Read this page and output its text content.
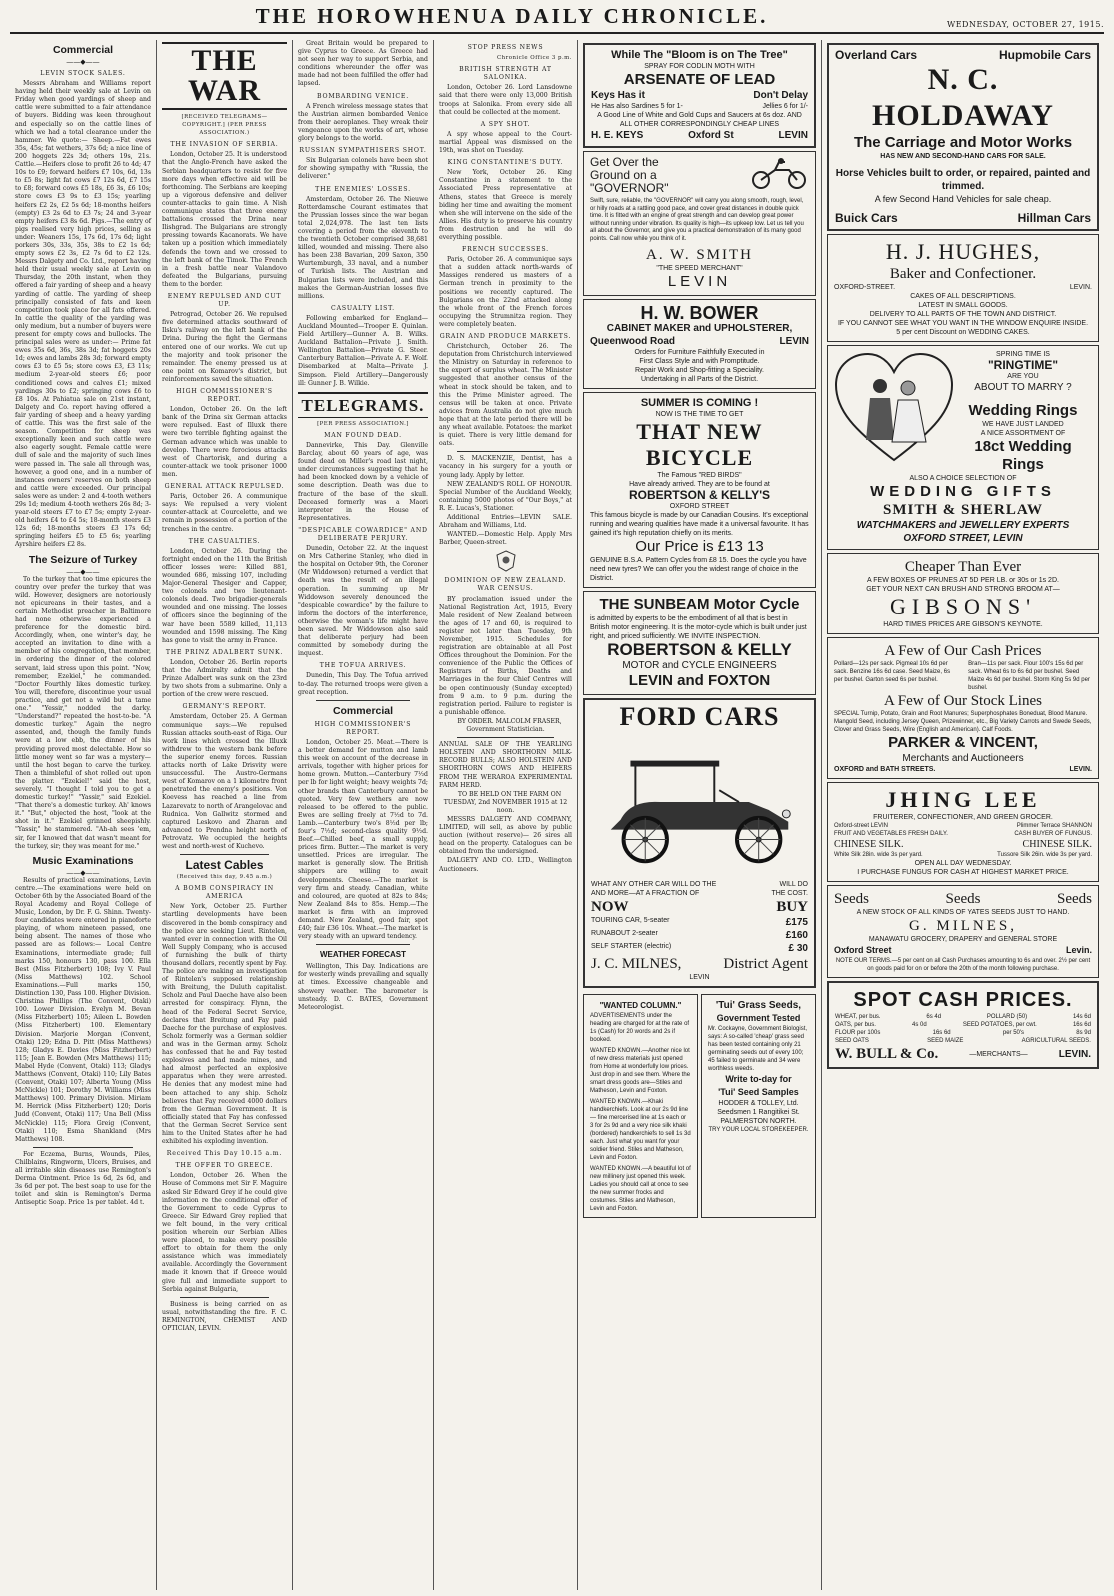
THE HOROWHENUA DAILY CHRONICLE.	WEDNESDAY, OCTOBER 27, 1915.
Commercial
——◆——
LEVIN STOCK SALES.

Messrs Abraham and Williams report having held their weekly sale at Levin on Friday when good yardings of sheep and cattle were submitted to a fair attendance of buyers. Bidding was keen throughout and especially so on the cattle lines of which we had a total clearance under the hammer. We quote:— Sheep.—Fat ewes 35s, 45s; fat wethers, 37s 6d; a nice line of 200 hoggets 22s 3d; others 19s, 21s. Cattle.—Heifers close to profit 26 to 4d; 47 10s to £9; forward heifers £7 10s, 6d, 13s to £5 8s; light fat cows £7 12s 6d, £7 15s to £8; forward cows £5 18s, £6 3s, £6 10s; store cows £3 9s to £3 15s; yearling heifers £2 2s, £2 5s 6d; 18-months heifers (empty) £3 2s 6d to £3 7s; 24 and 3-year empty heifers £3 8s 6d. Pigs.—The entry of pigs realised very high prices, selling as under: Weaners 15s, 17s 6d, 17s 6d; light porkers 30s, 33s, 35s, 38s to £2 1s 6d; empty sows £2 3s, £2 7s 6d to £2 12s. Messrs Dalgety and Co. Ltd., report having held their usual weekly sale at Levin on Thursday, the 20th instant, when they offered a fair yarding of sheep and a heavy yarding of cattle. The yarding of sheep principally consisted of fats and keen competition took place for all fats offered. In cattle the quality of the yarding was only medium, but a number of buyers were present for empty cows and bullocks. The principal sales were as under:— Prime fat ewes 35s 6d, 36s, 38s 3d; fat hoggets 20s 1d; ewes and lambs 28s 3d; forward empty cows £3 to £5 5s; store cows £3, £3 11s; medium 2-year-old steers £6; poor conditioned cows and calves £1; mixed yardings 30s to £2; springing cows £6 to £8 10s. At Pahiatua sale on 21st instant, Dalgety and Co. report having offered a fair yarding of sheep and a heavy yarding of cattle. This was the first sale of the season. Competition for sheep was exceptionally keen and such cattle were also eagerly sought. Female cattle were dull of sale and the majority of such lines were passed in. The sale all through was, however, a good one, and in a number of instances owners' reserves on both sheep and cattle were exceeded. Our principal sales were as under: 2 and 4-tooth wethers 29s 1d; medium 4-tooth wethers 26s 8d; 3-year-old steers £7 to £7 5s; empty 2-year-old heifers £4 to £4 5s; 18-month steers £3 12s 6d; 18-months steers £3 17s 6d; springing heifers £5 to £5 6s; yearling Ayrshire heifers £2 8s.

The Seizure of Turkey
——◆——

To the turkey that too time epicures the country over prefer the turkey that was wild. However, designers are notoriously not epicureans in their tastes, and a certain Methodist preacher in Baltimore had none otherwise experienced a preference for the domestic bird. Accordingly, when, one winter's day, he accepted an invitation to dine with a member of his congregation, that member, in ordering the dinner of the colored servant, laid stress upon this point. "Now, remember, Ezekiel," he commanded. "Doctor Fourthly likes domestic turkey. You will, therefore, discontinue your usual practice, and get not a wild but a tame one." "Yessir," nodded the darky. "Understand?" repeated the host-to-be. "A domestic turkey." Again the negro assented, and, though the family funds were at a low ebb, the dinner of his providing proved most delectable. How so little money went so far was a mystery—until the host began to carve the turkey. Then a thimbleful of shot rolled out upon the platter. "Ezekiel!" said the host, severely. "I thought I told you to get a domestic turkey!" "Yassir," said Ezekiel. "That there's a domestic turkey. Ah' knows it." "But," objected the host, "look at the shot in it." Ezekiel grinned sheepishly. "Yassir," he stammered. "Ah-ah sees 'em, sir, fer I knowed that dat wasn't meant for the turkey, sir; they was meant for me."

Music Examinations
——◆——

Results of practical examinations, Levin centre.—The examinations were held on October 6th by the Associated Board of the Royal Academy and Royal College of Music, London, by Dr. F. G. Shinn. Twenty-four candidates were entered in pianoforte playing, of whom nineteen passed, one being absent. The names of those who passed are as follows:— Local Centre Examinations, intermediate grade; full marks 150, honours 130, pass 100. Ella Best (Miss Fitzherbert) 108; Ivy V. Paul (Miss Matthews) 102. School Examinations.—Full marks 150, Distinction 130, Pass 100. Higher Division. Christina Phillips (The Convent, Otaki) 100. Lower Division. Evelyn M. Bevan (Miss Fitzherbert) 105; Aileen L. Bowden (Miss Fitzherbert) 100. Elementary Division. Marjorie Morgan (Convent, Otaki) 129; Edna D. Pitt (Miss Matthews) 128; Gladys E. Davies (Miss Fitzherbert) 115; Jean E. Bowden (Mrs Matthews) 115; Mabel Hyde (Convent, Otaki) 113; Gladys Matthews (Convent, Otaki) 110; Lily Bates (Convent, Otaki) 107; Alberta Young (Miss McNickle) 101; Dorothy M. Williams (Miss Matthews) 100. Primary Division. Miriam M. Herrick (Miss Fitzherbert) 120; Doris Judd (Convent, Otaki) 117; Una Bell (Miss McNickle) 115; Flora Greig (Convent, Otaki) 110; Esma Shankland (Mrs Matthews) 108.

For Eczema, Burns, Wounds, Piles, Chilblains, Ringworm, Ulcers, Bruises, and all irritable skin diseases use Remington's Derma Ointment. Price 1s 6d, 2s 6d, and 3s 6d per pot. The best soap to use for the toilet and skin is Remington's Derma Antiseptic Soap. Price 1s per tablet. 4d t.

THE WAR
[RECEIVED TELEGRAMS—COPYRIGHT.] (PER PRESS ASSOCIATION.)
THE INVASION OF SERBIA.

London, October 25. It is understood that the Anglo-French have asked the Serbian headquarters to resist for five more days when effective aid will be forthcoming. The Serbians are keeping up a vigorous defensive and deliver counter-attacks to gain time. A Nish communique states that three enemy battalions crossed the Drina near Ilishgrad. The Bulgarians are strongly pressing towards Kacanorats. We have taken up a position which immediately defends the town and we crossed to the left bank of the Timok. The French in a fresh battle near Valandovo defeated the Bulgarians, pursuing them to the border.

ENEMY REPULSED AND CUT UP.

Petrograd, October 26. We repulsed five determined attacks southward of Ilsku's railway on the left bank of the Drina. During the fight the Germans entered one of our works. We cut up the majority and took prisoner the remainder. The enemy pressed us at one point on Komarov's district, but reinforcements saved the situation.

HIGH COMMISSIONER'S REPORT.

London, October 26. On the left bank of the Drina six German attacks were repulsed. East of Illuxk there were two terrible fighting against the German advance which was unable to develop. There were ferocious attacks west of Chartorisk, and during a counter-attack we took prisoner 1000 men.

GENERAL ATTACK REPULSED.

Paris, October 26. A communique says: We repulsed a very violent counter-attack at Courcelette, and we remain in possession of a portion of the trenches in the centre.

THE CASUALTIES.

London, October 26. During the fortnight ended on the 11th the British officer losses were: Killed 881, wounded 686, missing 107, including Major-General Thesiger and Capper, two colonels and two lieutenant-colonels dead. Two brigadier-generals wounded and one missing. The losses of officers since the beginning of the war have been 5589 killed, 11,113 wounded and 1598 missing. The King has gone to visit the army in France.

THE PRINZ ADALBERT SUNK.

London, October 26. Berlin reports that the Admiralty admit that the Prinze Adalbert was sunk on the 23rd by two shots from a submarine. Only a portion of the crew were rescued.

GERMANY'S REPORT.

Amsterdam, October 25. A German communique says:—We repulsed Russian attacks south-east of Riga. Our work lines which crossed the Illuxk withdrew to the western bank before the superior enemy forces. Russian attacks north of Lake Drisvity were unsuccessful. The Austro-Germans west of Komarov on a 1 kilometre front penetrated the enemy's positions. Von Koevess has reached a line from Lazarevatz to north of Arangelovac and Rudnica. Von Gallwitz stormed and captured Leskovo and Zharan and advanced to Prendna height north of Petrovatz. We occupied the heights west and north-west of Kuchevo.

Latest Cables
(Received this day, 9.45 a.m.)
A BOMB CONSPIRACY IN AMERICA

New York, October 25. Further startling developments have been discovered in the bomb conspiracy and the police are seeking Lieut. Rintelen, wanted ever in connection with the Oil Well Supply Company, who is accused of furnishing the bulk of thirty thousand dollars, recently spent by Fay. The police are making an investigation of Rintelen's supposed relationship with Breitung, the Duluth capitalist. Scholz and Paul Daeche have also been arrested for conspiracy. Flynn, the head of the Federal Secret Service, declares that Breitung and Fay paid Daeche for the purchase of explosives. Scholz formerly was a German soldier and was in the German army. Scholz has confessed that he and Fay tested explosives and had made mines, and had almost perfected an explosive apparatus when they were arrested. He denies that any modest mine had been attached to any ship. Scholz believes that Fay received 4000 dollars from the German Government. It is officially stated that Fay has confessed that the German Secret Service sent him to the United States after he had exhibited his exploding invention.

Received This Day 10.15 a.m.
THE OFFER TO GREECE.

London, October 26. When the House of Commons met Sir F. Maguire asked Sir Edward Grey if he could give information re the conditional offer of the Government to cede Cyprus to Greece. Sir Edward Grey replied that we felt bound, in the very critical position wherein our Serbian Allies were placed, to make every possible effort to obtain for them the only assistance which was immediately available. Accordingly the Government made it known that if Greece would give full and immediate support to Serbia against Bulgaria,

Business is being carried on as usual, notwithstanding the fire. F. C. REMINGTON, CHEMIST AND OPTICIAN, LEVIN.

Great Britain would be prepared to give Cyprus to Greece. As Greece had not seen her way to support Serbia, and conditions whereunder the offer was made had not been fulfilled the offer had lapsed.

BOMBARDING VENICE.

A French wireless message states that the Austrian airmen bombarded Venice from their aeroplanes. They wreak their vengeance upon the works of art, whose glory belongs to the world.

RUSSIAN SYMPATHISERS SHOT.

Six Bulgarian colonels have been shot for showing sympathy with "Russia, the deliverer."

THE ENEMIES' LOSSES.

Amsterdam, October 26. The Nieuwe Rotterdamsche Courant estimates that the Prussian losses since the war began total 2,024,978. The last ten lists covering a period from the eleventh to the twentieth October comprised 38,681 killed, wounded and missing. There also has been 238 Bavarian, 209 Saxon, 350 Wurtemburgh, 33 naval, and a number of Turkish lists. The Austrian and Bulgarian lists were included, and this makes the German-Austrian losses five millions.

CASUALTY LIST.

Following embarked for England— Auckland Mounted—Trooper E. Quinlan. Field Artillery—Gunner A. B. Wilks. Auckland Battalion—Private J. Smith. Wellington Battalion—Private G. Steer. Canterbury Battalion—Private A. F. Wolf. Disembarked at Malta—Private J. Simpson. Field Artillery—Dangerously ill: Gunner J. B. Wilkie.

TELEGRAMS.
[PER PRESS ASSOCIATION.]
MAN FOUND DEAD.

Dannevirke, This Day. Glenville Barclay, about 60 years of age, was found dead on Miller's road last night, under circumstances suggesting that he had been knocked down by a vehicle of some description. Death was due to fracture of the base of the skull. Deceased formerly was a Maori interpreter in the House of Representatives.

"DESPICABLE COWARDICE" AND DELIBERATE PERJURY.

Dunedin, October 22. At the inquest on Mrs Catherine Stanley, who died in the hospital on October 9th, the Coroner (Mr Widdowson) returned a verdict that death was the result of an illegal operation. In summing up Mr Widdowson severely denounced the "despicable cowardice" by the failure to inform the doctors of the interference, otherwise the woman's life might have been saved. Mr Widdowson also said that deliberate perjury had been committed by somebody during the inquest.

THE TOFUA ARRIVES.

Dunedin, This Day. The Tofua arrived to-day. The returned troops were given a great reception.

Commercial
HIGH COMMISSIONER'S REPORT.

London, October 25. Meat.—There is a better demand for mutton and lamb this week on account of the decrease in arrivals, together with higher prices for home grown. Mutton.—Canterbury 7½d per lb for light weight; heavy weights 7d; other brands than Canterbury cannot be quoted. Very few wethers are now released to be offered to the public. Ewes are selling freely at 7½d to 7d. Lamb.—Canterbury two's 8½d per lb; four's 7½d; second-class quality 9½d. Beef.—Chilled beef, a small supply, prices firm. Butter.—The market is very unsettled. Prices are irregular. The market is generally slow. The British shippers are willing to await developments. Cheese.—The market is very firm and steady. Canadian, white and coloured, are quoted at 82s to 84s; New Zealand 84s to 85s. Hemp.—The market is firm with an improved demand. New Zealand, good fair, spot £40; fair £36 10s. Wheat.—The market is very steady with an upward tendency.

WEATHER FORECAST

Wellington, This Day. Indications are for westerly winds prevailing and squally at times. Excessive changeable and showery weather. The barometer is unsteady. D. C. BATES, Government Meteorologist.

STOP PRESS NEWS
Chronicle Office 3 p.m.
BRITISH STRENGTH AT SALONIKA.

London, October 26. Lord Lansdowne said that there were only 13,000 British troops at Salonika. From every side all that could be collected at the moment.

A SPY SHOT.

A spy whose appeal to the Court-martial Appeal was dismissed on the 19th, was shot on Tuesday.

KING CONSTANTINE'S DUTY.

New York, October 26. King Constantine in a statement to the Associated Press representative at Athens, states that Greece is merely biding her time and awaiting the moment when she will intervene on the side of the Allies. His duty is to preserve his country from destruction and he will do everything possible.

FRENCH SUCCESSES.

Paris, October 26. A communique says that a sudden attack north-wards of Massiges rendered us masters of a German trench in proximity to the positions we recently captured. The Bulgarians on the 22nd attacked along the whole front of the French forces occupying the Strumnitza region. They were completely beaten.

GRAIN AND PRODUCE MARKETS.

Christchurch, October 26. The deputation from Christchurch interviewed the Ministry on Saturday in reference to the export of surplus wheat. The Minister suggested that another census of the wheat in stock should be taken, and to this the Prime Minister agreed. The census will be taken at once. Private advices from Australia do not give much hope that at the late period there will be any wheat available. Potatoes: the market is quiet. There is very little demand for oats.

D. S. MACKENZIE, Dentist, has a vacancy in his surgery for a youth or young lady. Apply by letter.

NEW ZEALAND'S ROLL OF HONOUR. Special Number of the Auckland Weekly, containing 5000 photos of "Our Boys," at R. E. Lucas's, Stationer.

Additional Entries—LEVIN SALE. Abraham and Williams, Ltd.

WANTED.—Domestic Help. Apply Mrs Barber, Queen-street.

DOMINION OF NEW ZEALAND. WAR CENSUS.

BY proclamation issued under the National Registration Act, 1915, Every Male resident of New Zealand between the ages of 17 and 60, is required to register not later than Tuesday, 9th November, 1915. Schedules for registration are obtainable at all Post Offices throughout the Dominion. For the convenience of the Public the Offices of Registrars of Births, Deaths and Marriages in the four Chief Centres will be open continuously (Sunday excepted) from 9 a.m. to 9 p.m. during the registration period. Failure to register is a punishable offence.

BY ORDER. MALCOLM FRASER, Government Statistician.

ANNUAL SALE OF THE YEARLING HOLSTEIN AND SHORTHORN MILK-RECORD BULLS; ALSO HOLSTEIN AND SHORTHORN COWS AND HEIFERS FROM THE WERAROA EXPERIMENTAL FARM HERD.

TO BE HELD ON THE FARM ON TUESDAY, 2nd NOVEMBER 1915 at 12 noon.

MESSRS DALGETY AND COMPANY, LIMITED, will sell, as above by public auction (without reserve)— 26 sires all head on the property. Catalogues can be obtained from the undersigned.

DALGETY AND CO. LTD., Wellington Auctioneers.

While The "Bloom is on The Tree"
SPRAY FOR CODLIN MOTH WITH
ARSENATE OF LEAD
Keys Has it	Don't Delay
He Has also Sardines 5 for 1-	Jellies 6 for 1/-
A Good Line of White and Gold Cups and Saucers at 6s doz. AND ALL OTHER CORRESPONDINGLY CHEAP LINES
H. E. KEYS	Oxford St	LEVIN
Get Over the
Ground on a
"GOVERNOR"
Swift, sure, reliable, the "GOVERNOR" will carry you along smooth, rough, level, or hilly roads at a rattling good pace, and cover great distances in double quick time. It is fitted with an engine of great strength and can develop great power without running under vibration. Its quality is high—its upkeep low. Let us tell you all about the Governor, and give you a practical demonstration of its many good points. Call now while you think of it.
A. W. SMITH
"THE SPEED MERCHANT"
LEVIN
H. W. BOWER
CABINET MAKER and UPHOLSTERER,
Queenwood Road	LEVIN
Orders for Furniture Faithfully Executed in
First Class Style and with Promptitude.
Repair Work and Shop-fitting a Speciality.
Undertaking in all Parts of the District.
SUMMER IS COMING !
NOW IS THE TIME TO GET
THAT NEW BICYCLE
The Famous "RED BIRDS"
Have already arrived. They are to be found at
ROBERTSON & KELLY'S
OXFORD STREET
This famous bicycle is made by our Canadian Cousins. It's exceptional running and wearing qualities have made it a universal favourite. It has gained it's high reputation chiefly on its merits.
Our Price is £13 13
GENUINE B.S.A. Pattern Cycles from £8 15. Does the cycle you have need new tyres? We can offer you the widest range of choice in the District.
THE SUNBEAM Motor Cycle
is admitted by experts to be the embodiment of all that is best in British motor engineering. It is the motor-cycle which is built under just right, and priced sufficiently. WE INVITE INSPECTION.
ROBERTSON & KELLY
MOTOR and CYCLE ENGINEERS
LEVIN and FOXTON
FORD CARS
WHAT ANY OTHER CAR WILL DO THE	WILL DO
AND MORE—AT A FRACTION OF	THE COST.
NOW	BUY
TOURING CAR, 5-seater	£175
RUNABOUT 2-seater	£160
SELF STARTER (electric)	£ 30
J. C. MILNES,	District Agent
LEVIN
"WANTED COLUMN."
ADVERTISEMENTS under the heading are charged for at the rate of 1s (Cash) for 20 words and 2s if booked.
WANTED KNOWN.—Another nice lot of new dress materials just opened from Home at wonderfully low prices. Just drop in and see them. Where the smart dress goods are—Stiles and Matheson, Levin and Foxton.
WANTED KNOWN.—Khaki handkerchiefs. Look at our 2s 9d line — fine mercerised line at 1s each or 3 for 2s 9d and a very nice silk khaki (bordered) handkerchiefs to sell 1s 3d each. Just what you want for your soldier friend. Stiles and Matheson, Levin and Foxton.
WANTED KNOWN.—A beautiful lot of new millinery just opened this week. Ladies you should call at once to see the new summer frocks and costumes. Stiles and Matheson, Levin and Foxton.
'Tui' Grass Seeds,
Government Tested
Mr. Cockayne, Government Biologist, says: A so-called 'cheap' grass seed has been tested containing only 21 germinating seeds out of every 100; 45 failed to germinate and 34 were worthless weeds.
Write to-day for
'Tui' Seed Samples
HODDER & TOLLEY, Ltd.
Seedsmen 1 Rangitikei St.
PALMERSTON NORTH.
TRY YOUR LOCAL STOREKEEPER.
Overland Cars	Hupmobile Cars
N. C. HOLDAWAY
The Carriage and Motor Works
HAS NEW AND SECOND-HAND CARS FOR SALE.
Horse Vehicles built to order, or repaired, painted and trimmed.
A few Second Hand Vehicles for sale cheap.
Buick Cars	Hillman Cars
H. J. HUGHES,
Baker and Confectioner.
OXFORD-STREET.	LEVIN.
CAKES OF ALL DESCRIPTIONS.
LATEST IN SMALL GOODS.
DELIVERY TO ALL PARTS OF THE TOWN AND DISTRICT.
IF YOU CANNOT SEE WHAT YOU WANT IN THE WINDOW ENQUIRE INSIDE.
5 per cent Discount on WEDDING CAKES.
SPRING TIME IS
"RINGTIME"
ARE YOU
ABOUT TO MARRY ?
Wedding Rings
WE HAVE JUST LANDED
A NICE ASSORTMENT OF
18ct Wedding Rings
ALSO A CHOICE SELECTION OF
WEDDING GIFTS
SMITH & SHERLAW
WATCHMAKERS and JEWELLERY EXPERTS
OXFORD STREET, LEVIN
Cheaper Than Ever
A FEW BOXES OF PRUNES AT 5D PER LB. or 30s or 1s 2D.
GET YOUR NEXT CAN BRUSH AND STRONG BROOM AT—
GIBSONS'
HARD TIMES PRICES ARE GIBSON'S KEYNOTE.
A Few of Our Cash Prices
Pollard—12s per sack. Pigmeal 10s 6d per sack. Benzine 16s 6d case. Seed Maize, 6s per bushel. Garton seed 6s per bushel.
Bran—11s per sack. Flour 100's 15s 6d per sack. Wheat 6s to 6s 6d per bushel. Seed Maize 4s 6d per bushel. Storm King 5s 9d per bushel.
A Few of Our Stock Lines
SPECIAL Turnip, Potato, Grain and Root Manures; Superphosphates Boneduat, Blood Manure. Mangold Seed, including Jersey Queen, Prizewinner, etc., Big Variety Carrots and Swede Seeds, Clover and Grass Seeds, Wire (English and American). Calf Foods.
PARKER & VINCENT,
Merchants and Auctioneers
OXFORD and BATH STREETS.	LEVIN.
JHING LEE
FRUITERER, CONFECTIONER, AND GREEN GROCER.
Oxford-street LEVIN	Plimmer Terrace SHANNON
FRUIT AND VEGETABLES FRESH DAILY.	CASH BUYER OF FUNGUS.
CHINESE SILK.	CHINESE SILK.
White Silk 28in. wide 3s per yard.	Tussore Silk 26in. wide 3s per yard.
OPEN ALL DAY WEDNESDAY.
I PURCHASE FUNGUS FOR CASH AT HIGHEST MARKET PRICE.
Seeds	Seeds	Seeds
A NEW STOCK OF ALL KINDS OF YATES SEEDS JUST TO HAND.
G. MILNES,
MANAWATU GROCERY, DRAPERY and GENERAL STORE
Oxford Street	Levin.
NOTE OUR TERMS.—5 per cent on all Cash Purchases amounting to 6s and over. 2½ per cent on goods paid for on or before the 20th of the month following purchase.
SPOT CASH PRICES.
WHEAT, per bus.	6s 4d	POLLARD (50)	14s 6d
OATS, per bus.	4s 0d	SEED POTATOES, per cwt.	16s 6d
FLOUR per 100s	16s 6d	per 50's	8s 9d
SEED OATS	SEED MAIZE	AGRICULTURAL SEEDS.
W. BULL & Co.	—MERCHANTS—	LEVIN.
